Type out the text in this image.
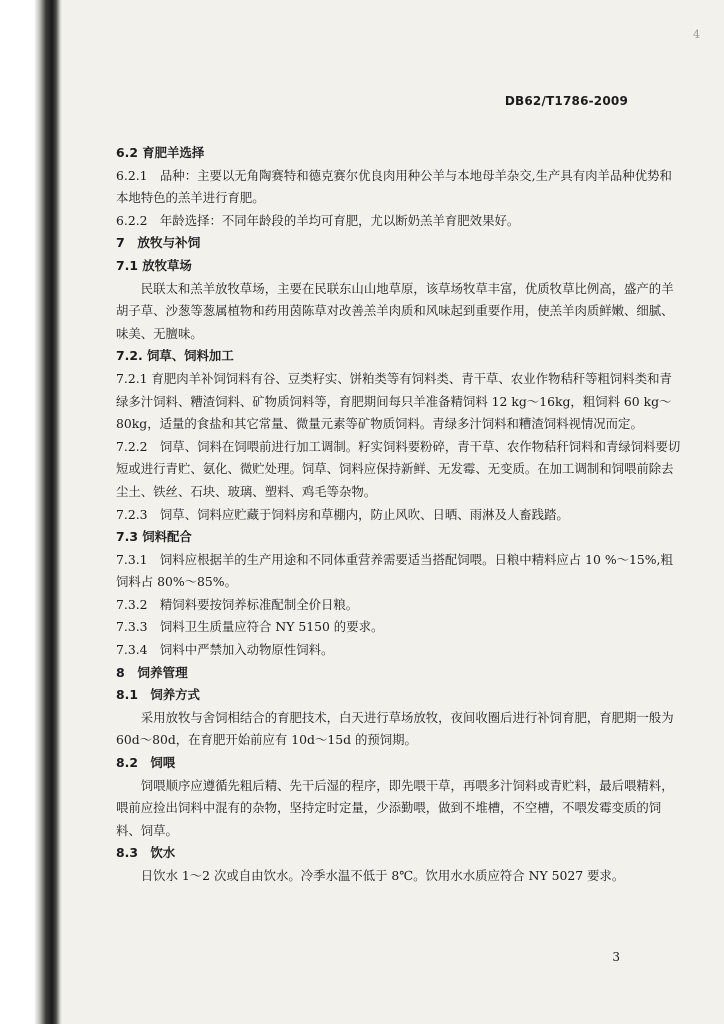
4
DB62/T1786-2009

6.2 育肥羊选择

6.2.1　品种：主要以无角陶赛特和德克赛尔优良肉用种公羊与本地母羊杂交,生产具有肉羊品种优势和本地特色的羔羊进行育肥。

6.2.2　年龄选择：不同年龄段的羊均可育肥，尤以断奶羔羊育肥效果好。

7　放牧与补饲

7.1 放牧草场

民联太和羔羊放牧草场，主要在民联东山山地草原，该草场牧草丰富，优质牧草比例高，盛产的羊胡子草、沙葱等葱属植物和药用茵陈草对改善羔羊肉质和风味起到重要作用，使羔羊肉质鲜嫩、细腻、味美、无膻味。

7.2. 饲草、饲料加工

7.2.1 育肥肉羊补饲饲料有谷、豆类籽实、饼粕类等有饲料类、青干草、农业作物秸秆等粗饲料类和青绿多汁饲料、糟渣饲料、矿物质饲料等，育肥期间每只羊准备精饲料 12 kg～16kg，粗饲料 60 kg～80kg，适量的食盐和其它常量、微量元素等矿物质饲料。青绿多汁饲料和糟渣饲料视情况而定。

7.2.2　饲草、饲料在饲喂前进行加工调制。籽实饲料要粉碎，青干草、农作物秸秆饲料和青绿饲料要切短或进行青贮、氨化、微贮处理。饲草、饲料应保持新鲜、无发霉、无变质。在加工调制和饲喂前除去尘土、铁丝、石块、玻璃、塑料、鸡毛等杂物。

7.2.3　饲草、饲料应贮藏于饲料房和草棚内，防止风吹、日晒、雨淋及人畜践踏。

7.3 饲料配合

7.3.1　饲料应根据羊的生产用途和不同体重营养需要适当搭配饲喂。日粮中精料应占 10 %～15%,粗饲料占 80%～85%。

7.3.2　精饲料要按饲养标准配制全价日粮。

7.3.3　饲料卫生质量应符合 NY 5150 的要求。

7.3.4　饲料中严禁加入动物原性饲料。

8　饲养管理

8.1　饲养方式

采用放牧与舍饲相结合的育肥技术，白天进行草场放牧，夜间收圈后进行补饲育肥，育肥期一般为 60d～80d，在育肥开始前应有 10d～15d 的预饲期。

8.2　饲喂

饲喂顺序应遵循先粗后精、先干后湿的程序，即先喂干草，再喂多汁饲料或青贮料，最后喂精料，喂前应捡出饲料中混有的杂物，坚持定时定量，少添勤喂，做到不堆槽，不空槽，不喂发霉变质的饲料、饲草。

8.3　饮水

日饮水 1～2 次或自由饮水。冷季水温不低于 8℃。饮用水水质应符合 NY 5027 要求。

3
